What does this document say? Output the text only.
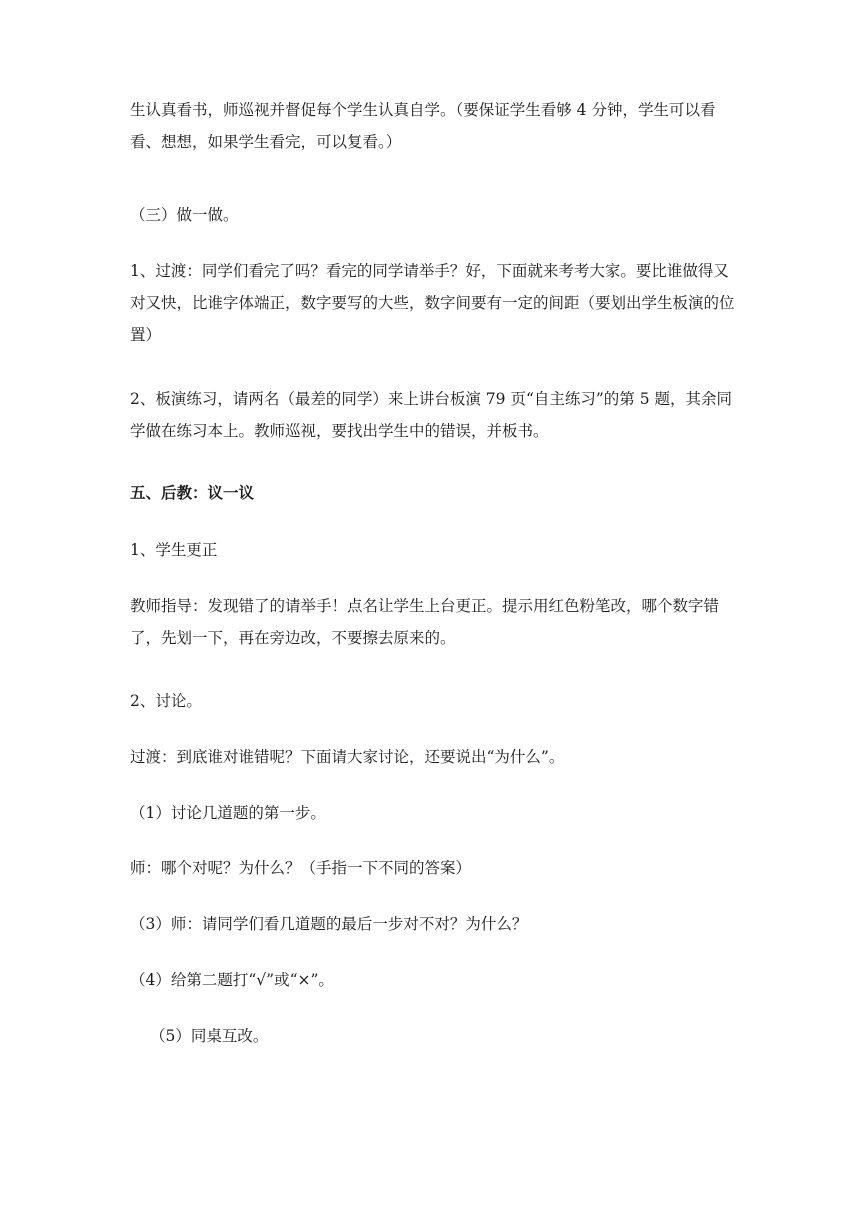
生认真看书，师巡视并督促每个学生认真自学。（要保证学生看够 4 分钟，学生可以看看、想想，如果学生看完，可以复看。）

（三）做一做。

1、过渡：同学们看完了吗？看完的同学请举手？好，下面就来考考大家。要比谁做得又对又快，比谁字体端正，数字要写的大些，数字间要有一定的间距（要划出学生板演的位置）

2、板演练习，请两名（最差的同学）来上讲台板演 79 页“自主练习”的第 5 题，其余同学做在练习本上。教师巡视，要找出学生中的错误，并板书。

五、后教：议一议

1、学生更正

教师指导：发现错了的请举手！点名让学生上台更正。提示用红色粉笔改，哪个数字错了，先划一下，再在旁边改，不要擦去原来的。

2、讨论。

过渡：到底谁对谁错呢？下面请大家讨论，还要说出“为什么”。

（1）讨论几道题的第一步。

师：哪个对呢？为什么？（手指一下不同的答案）

（3）师：请同学们看几道题的最后一步对不对？为什么？

（4）给第二题打“√”或“×”。

（5）同桌互改。
